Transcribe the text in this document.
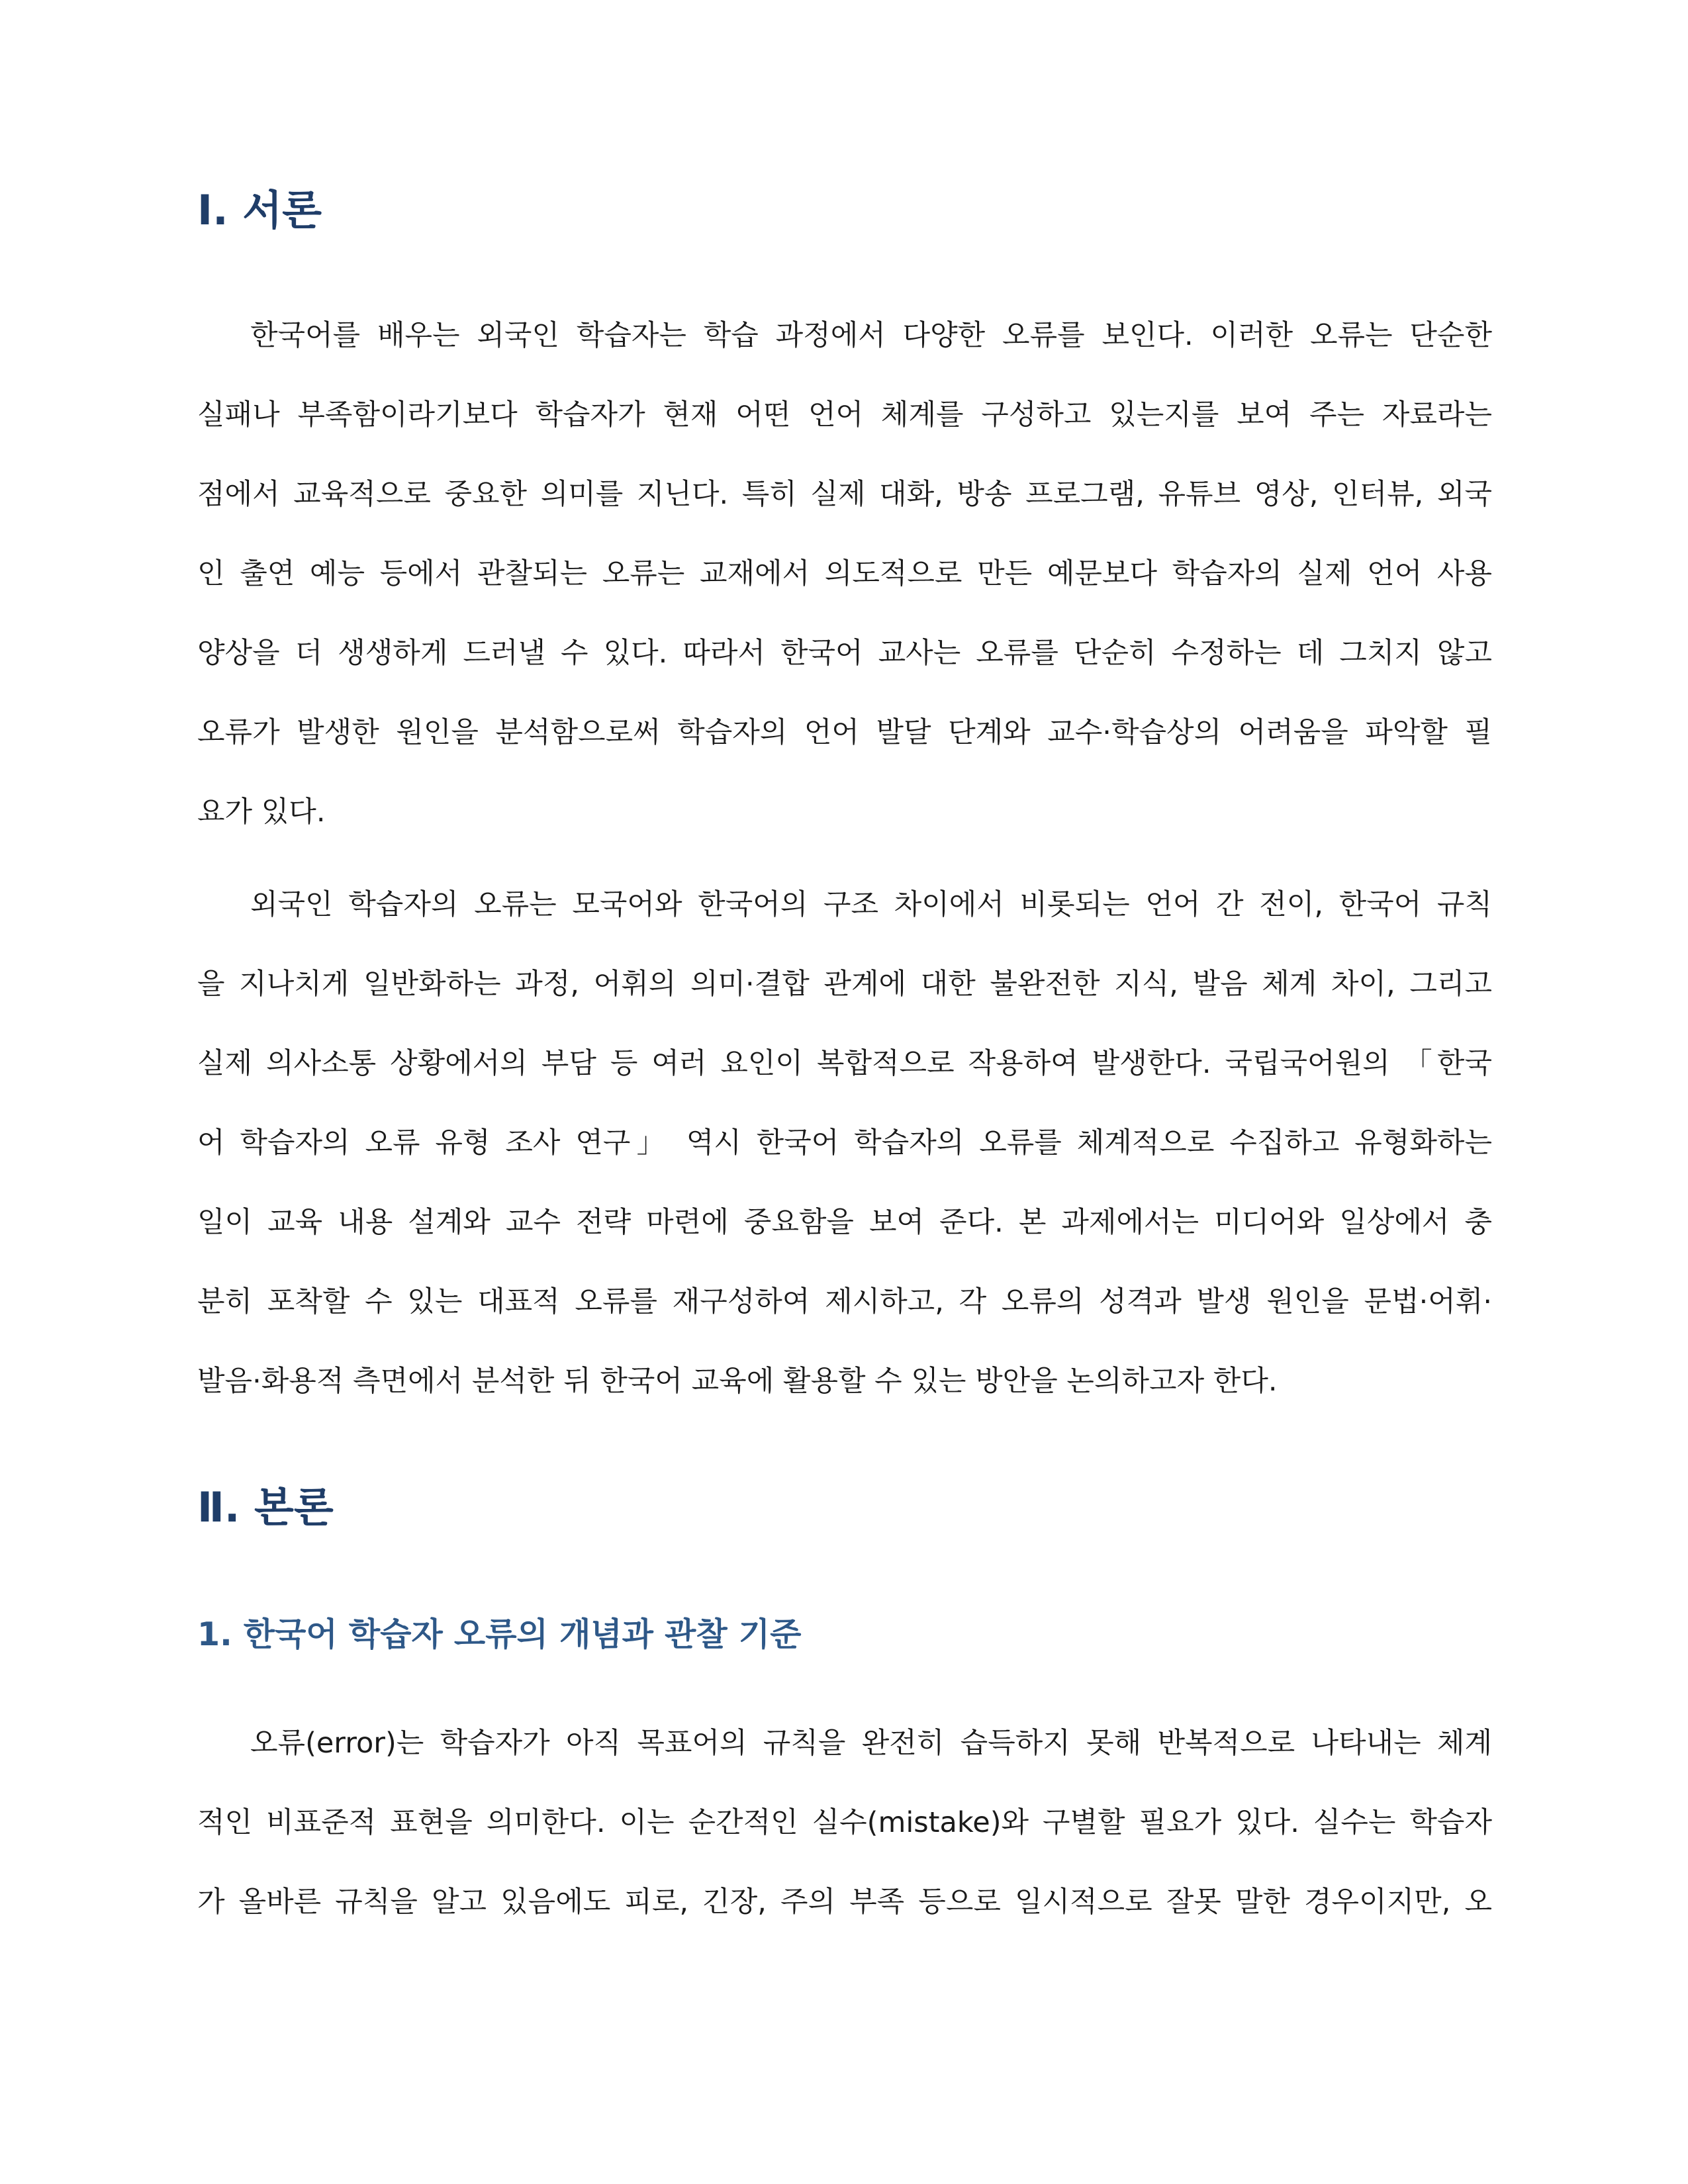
Ⅰ. 서론
한국어를 배우는 외국인 학습자는 학습 과정에서 다양한 오류를 보인다. 이러한 오류는 단순한
실패나 부족함이라기보다 학습자가 현재 어떤 언어 체계를 구성하고 있는지를 보여 주는 자료라는
점에서 교육적으로 중요한 의미를 지닌다. 특히 실제 대화, 방송 프로그램, 유튜브 영상, 인터뷰, 외국
인 출연 예능 등에서 관찰되는 오류는 교재에서 의도적으로 만든 예문보다 학습자의 실제 언어 사용
양상을 더 생생하게 드러낼 수 있다. 따라서 한국어 교사는 오류를 단순히 수정하는 데 그치지 않고
오류가 발생한 원인을 분석함으로써 학습자의 언어 발달 단계와 교수·학습상의 어려움을 파악할 필
요가 있다.
외국인 학습자의 오류는 모국어와 한국어의 구조 차이에서 비롯되는 언어 간 전이, 한국어 규칙
을 지나치게 일반화하는 과정, 어휘의 의미·결합 관계에 대한 불완전한 지식, 발음 체계 차이, 그리고
실제 의사소통 상황에서의 부담 등 여러 요인이 복합적으로 작용하여 발생한다. 국립국어원의 「한국
어 학습자의 오류 유형 조사 연구」 역시 한국어 학습자의 오류를 체계적으로 수집하고 유형화하는
일이 교육 내용 설계와 교수 전략 마련에 중요함을 보여 준다. 본 과제에서는 미디어와 일상에서 충
분히 포착할 수 있는 대표적 오류를 재구성하여 제시하고, 각 오류의 성격과 발생 원인을 문법·어휘·
발음·화용적 측면에서 분석한 뒤 한국어 교육에 활용할 수 있는 방안을 논의하고자 한다.
Ⅱ. 본론
1. 한국어 학습자 오류의 개념과 관찰 기준
오류(error)는 학습자가 아직 목표어의 규칙을 완전히 습득하지 못해 반복적으로 나타내는 체계
적인 비표준적 표현을 의미한다. 이는 순간적인 실수(mistake)와 구별할 필요가 있다. 실수는 학습자
가 올바른 규칙을 알고 있음에도 피로, 긴장, 주의 부족 등으로 일시적으로 잘못 말한 경우이지만, 오
